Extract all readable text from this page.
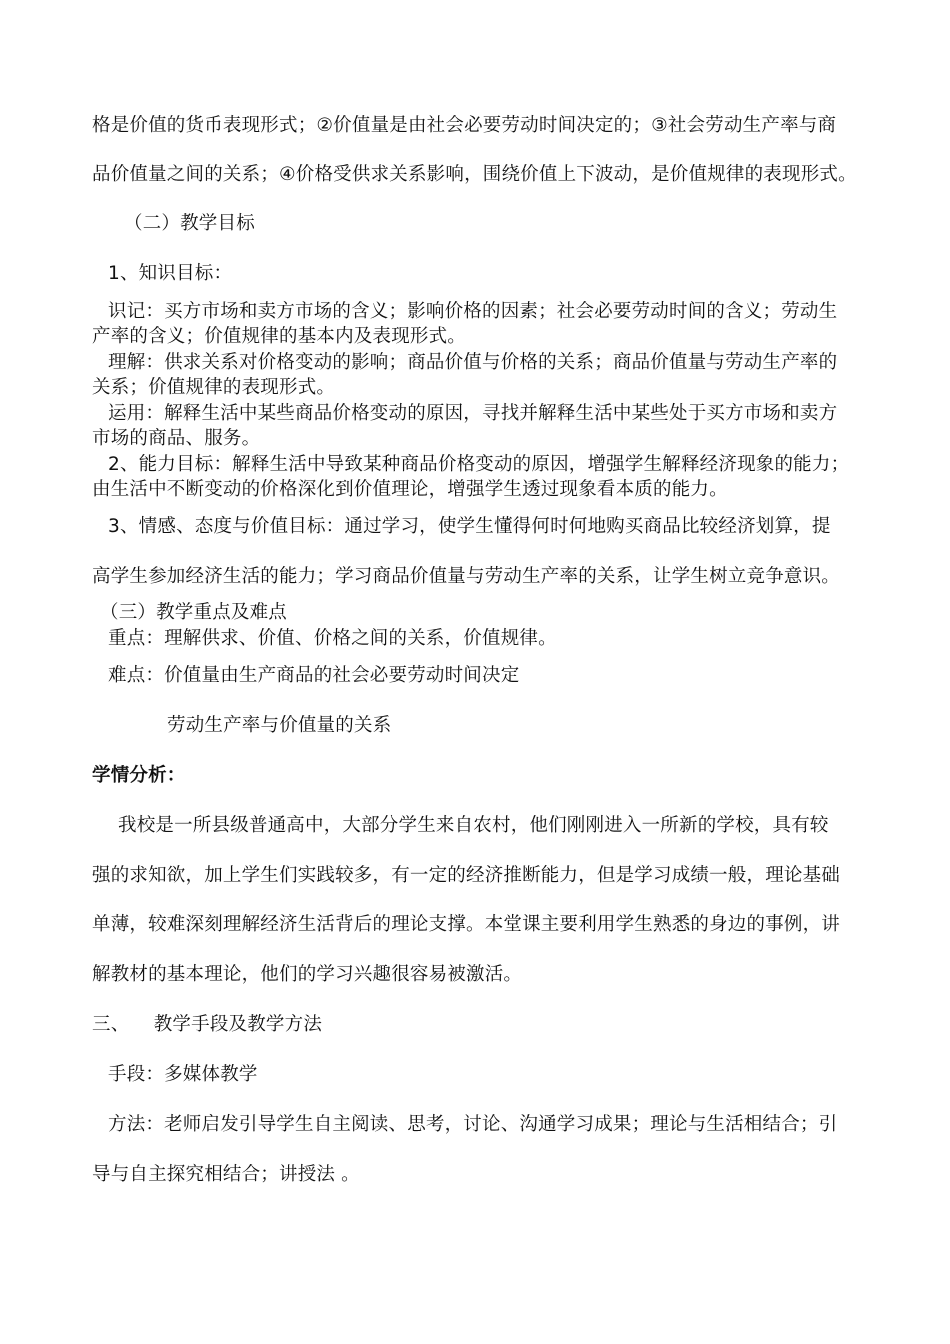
格是价值的货币表现形式；②价值量是由社会必要劳动时间决定的；③社会劳动生产率与商
品价值量之间的关系；④价格受供求关系影响，围绕价值上下波动，是价值规律的表现形式。
（二）教学目标
1、知识目标：
识记：买方市场和卖方市场的含义；影响价格的因素；社会必要劳动时间的含义；劳动生
产率的含义；价值规律的基本内及表现形式。
理解：供求关系对价格变动的影响；商品价值与价格的关系；商品价值量与劳动生产率的
关系；价值规律的表现形式。
运用：解释生活中某些商品价格变动的原因，寻找并解释生活中某些处于买方市场和卖方
市场的商品、服务。
2、能力目标：解释生活中导致某种商品价格变动的原因，增强学生解释经济现象的能力；
由生活中不断变动的价格深化到价值理论，增强学生透过现象看本质的能力。
3、情感、态度与价值目标：通过学习，使学生懂得何时何地购买商品比较经济划算，提
高学生参加经济生活的能力；学习商品价值量与劳动生产率的关系，让学生树立竞争意识。
（三）教学重点及难点
重点：理解供求、价值、价格之间的关系，价值规律。
难点：价值量由生产商品的社会必要劳动时间决定
劳动生产率与价值量的关系
学情分析：
我校是一所县级普通高中，大部分学生来自农村，他们刚刚进入一所新的学校，具有较
强的求知欲，加上学生们实践较多，有一定的经济推断能力，但是学习成绩一般，理论基础
单薄，较难深刻理解经济生活背后的理论支撑。本堂课主要利用学生熟悉的身边的事例，讲
解教材的基本理论，他们的学习兴趣很容易被激活。
三、    教学手段及教学方法
手段：多媒体教学
方法：老师启发引导学生自主阅读、思考，讨论、沟通学习成果；理论与生活相结合；引
导与自主探究相结合；讲授法 。
